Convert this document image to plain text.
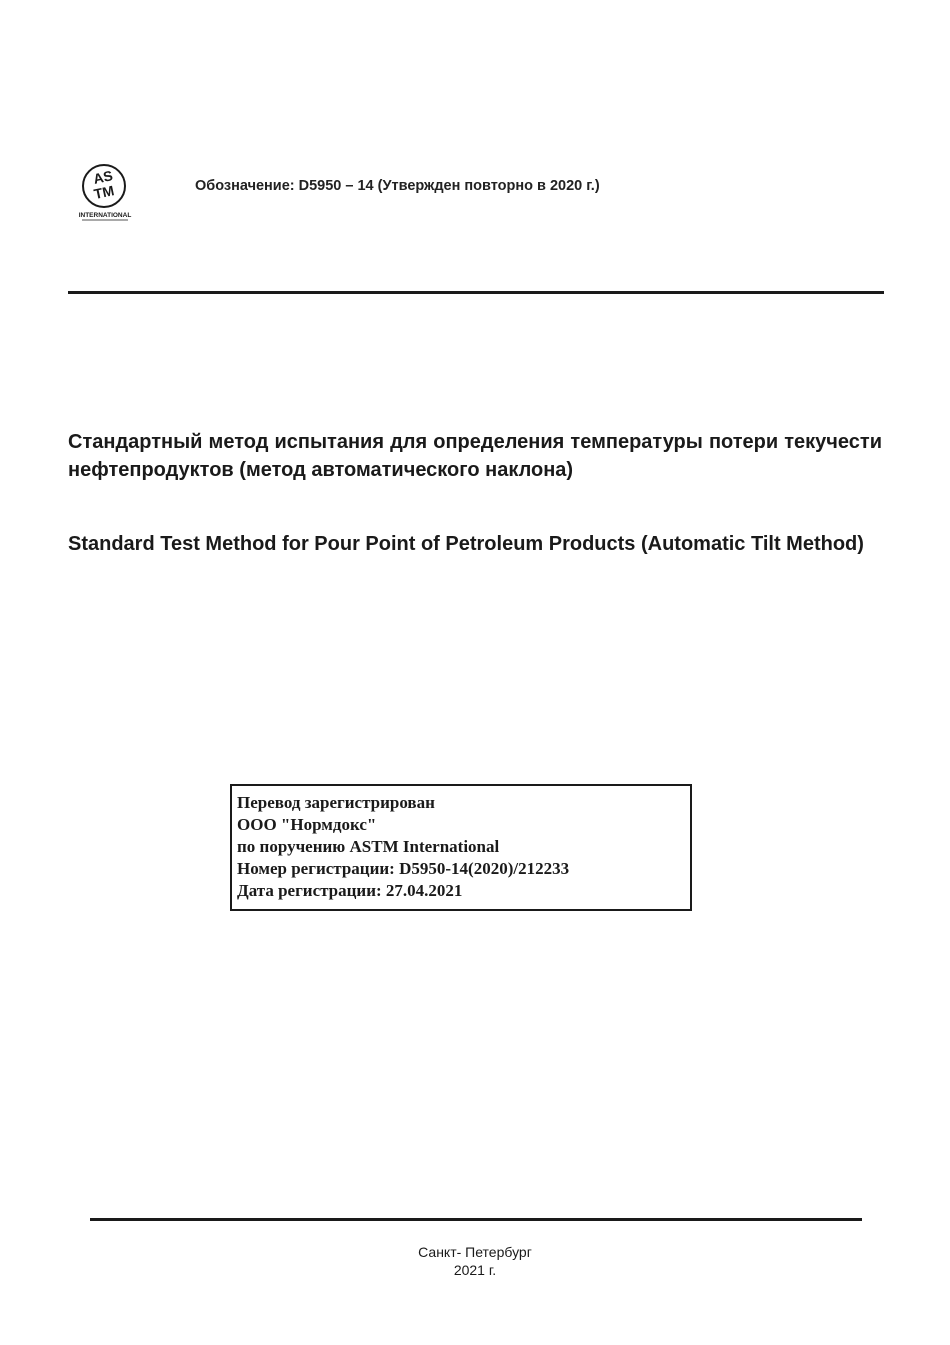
AS
TM
INTERNATIONAL
Обозначение: D5950 – 14 (Утвержден повторно в 2020 г.)
Стандартный метод испытания для определения температуры потери текучести нефтепродуктов (метод автоматического наклона)
Standard Test Method for Pour Point of Petroleum Products (Automatic Tilt Method)
Перевод зарегистрирован
ООО "Нормдокс"
по поручению ASTM International
Номер регистрации: D5950-14(2020)/212233
Дата регистрации: 27.04.2021
Санкт- Петербург
2021 г.
